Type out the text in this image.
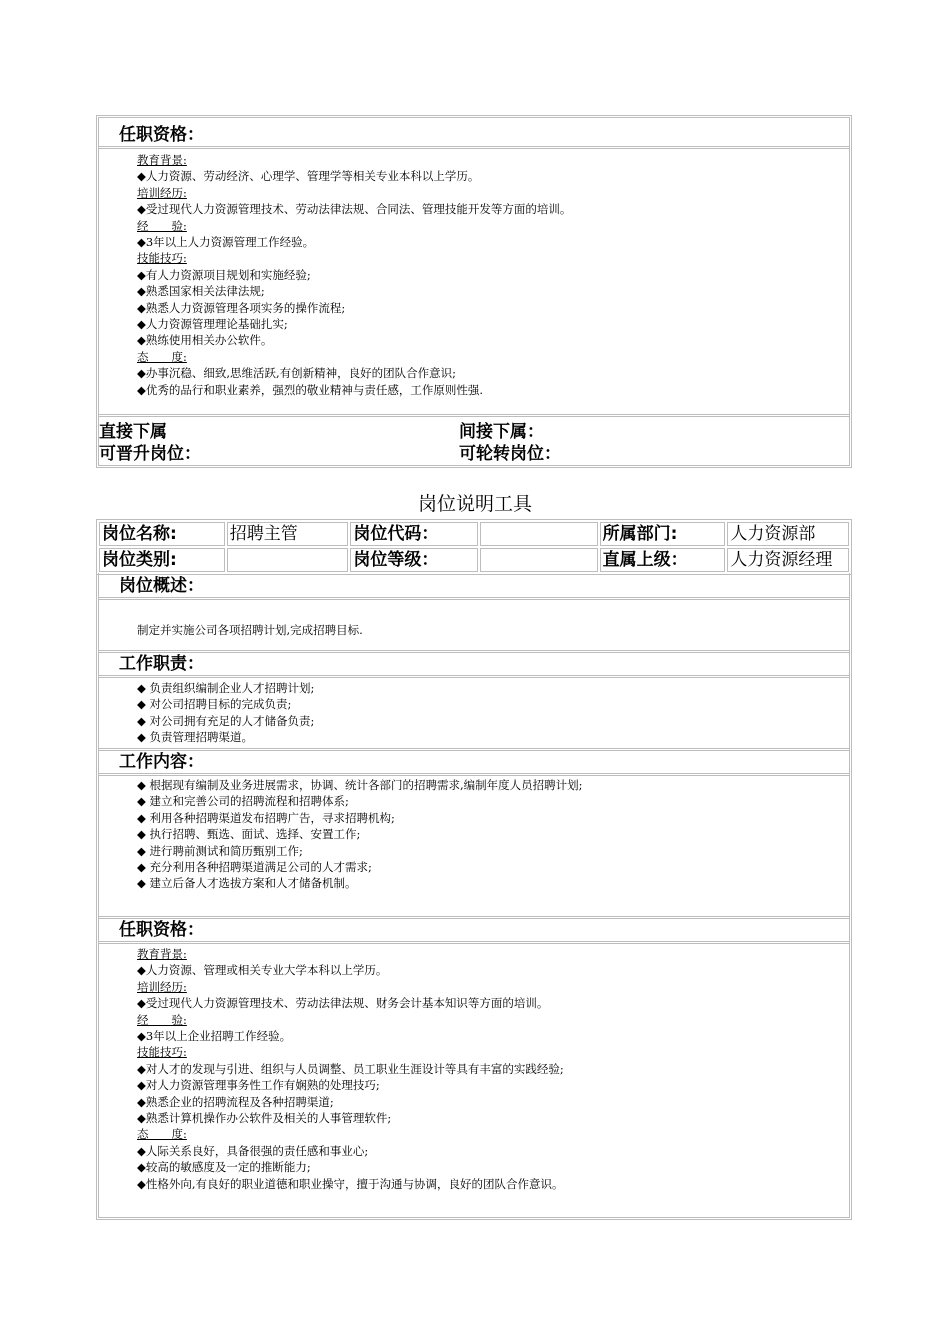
任职资格：
教育背景:
◆人力资源、劳动经济、心理学、管理学等相关专业本科以上学历。
培训经历:
◆受过现代人力资源管理技术、劳动法律法规、合同法、管理技能开发等方面的培训。
经　　验:
◆3年以上人力资源管理工作经验。
技能技巧:
◆有人力资源项目规划和实施经验;
◆熟悉国家相关法律法规;
◆熟悉人力资源管理各项实务的操作流程;
◆人力资源管理理论基础扎实;
◆熟练使用相关办公软件。
态　　度:
◆办事沉稳、细致,思维活跃,有创新精神，良好的团队合作意识;
◆优秀的品行和职业素养，强烈的敬业精神与责任感，工作原则性强.
直接下属	间接下属：
可晋升岗位：	可轮转岗位：
岗位说明工具
岗位名称:	招聘主管	岗位代码：		所属部门:	人力资源部
岗位类别:		岗位等级：		直属上级：	人力资源经理
岗位概述：
制定并实施公司各项招聘计划,完成招聘目标.
工作职责：
◆ 负责组织编制企业人才招聘计划;
◆ 对公司招聘目标的完成负责;
◆ 对公司拥有充足的人才储备负责;
◆ 负责管理招聘渠道。
工作内容：
◆ 根据现有编制及业务进展需求，协调、统计各部门的招聘需求,编制年度人员招聘计划;
◆ 建立和完善公司的招聘流程和招聘体系;
◆ 利用各种招聘渠道发布招聘广告，寻求招聘机构;
◆ 执行招聘、甄选、面试、选择、安置工作;
◆ 进行聘前测试和简历甄别工作;
◆ 充分利用各种招聘渠道满足公司的人才需求;
◆ 建立后备人才选拔方案和人才储备机制。
任职资格：
教育背景:
◆人力资源、管理或相关专业大学本科以上学历。
培训经历:
◆受过现代人力资源管理技术、劳动法律法规、财务会计基本知识等方面的培训。
经　　验:
◆3年以上企业招聘工作经验。
技能技巧:
◆对人才的发现与引进、组织与人员调整、员工职业生涯设计等具有丰富的实践经验;
◆对人力资源管理事务性工作有娴熟的处理技巧;
◆熟悉企业的招聘流程及各种招聘渠道;
◆熟悉计算机操作办公软件及相关的人事管理软件;
态　　度:
◆人际关系良好，具备很强的责任感和事业心;
◆较高的敏感度及一定的推断能力;
◆性格外向,有良好的职业道德和职业操守，擅于沟通与协调，良好的团队合作意识。
